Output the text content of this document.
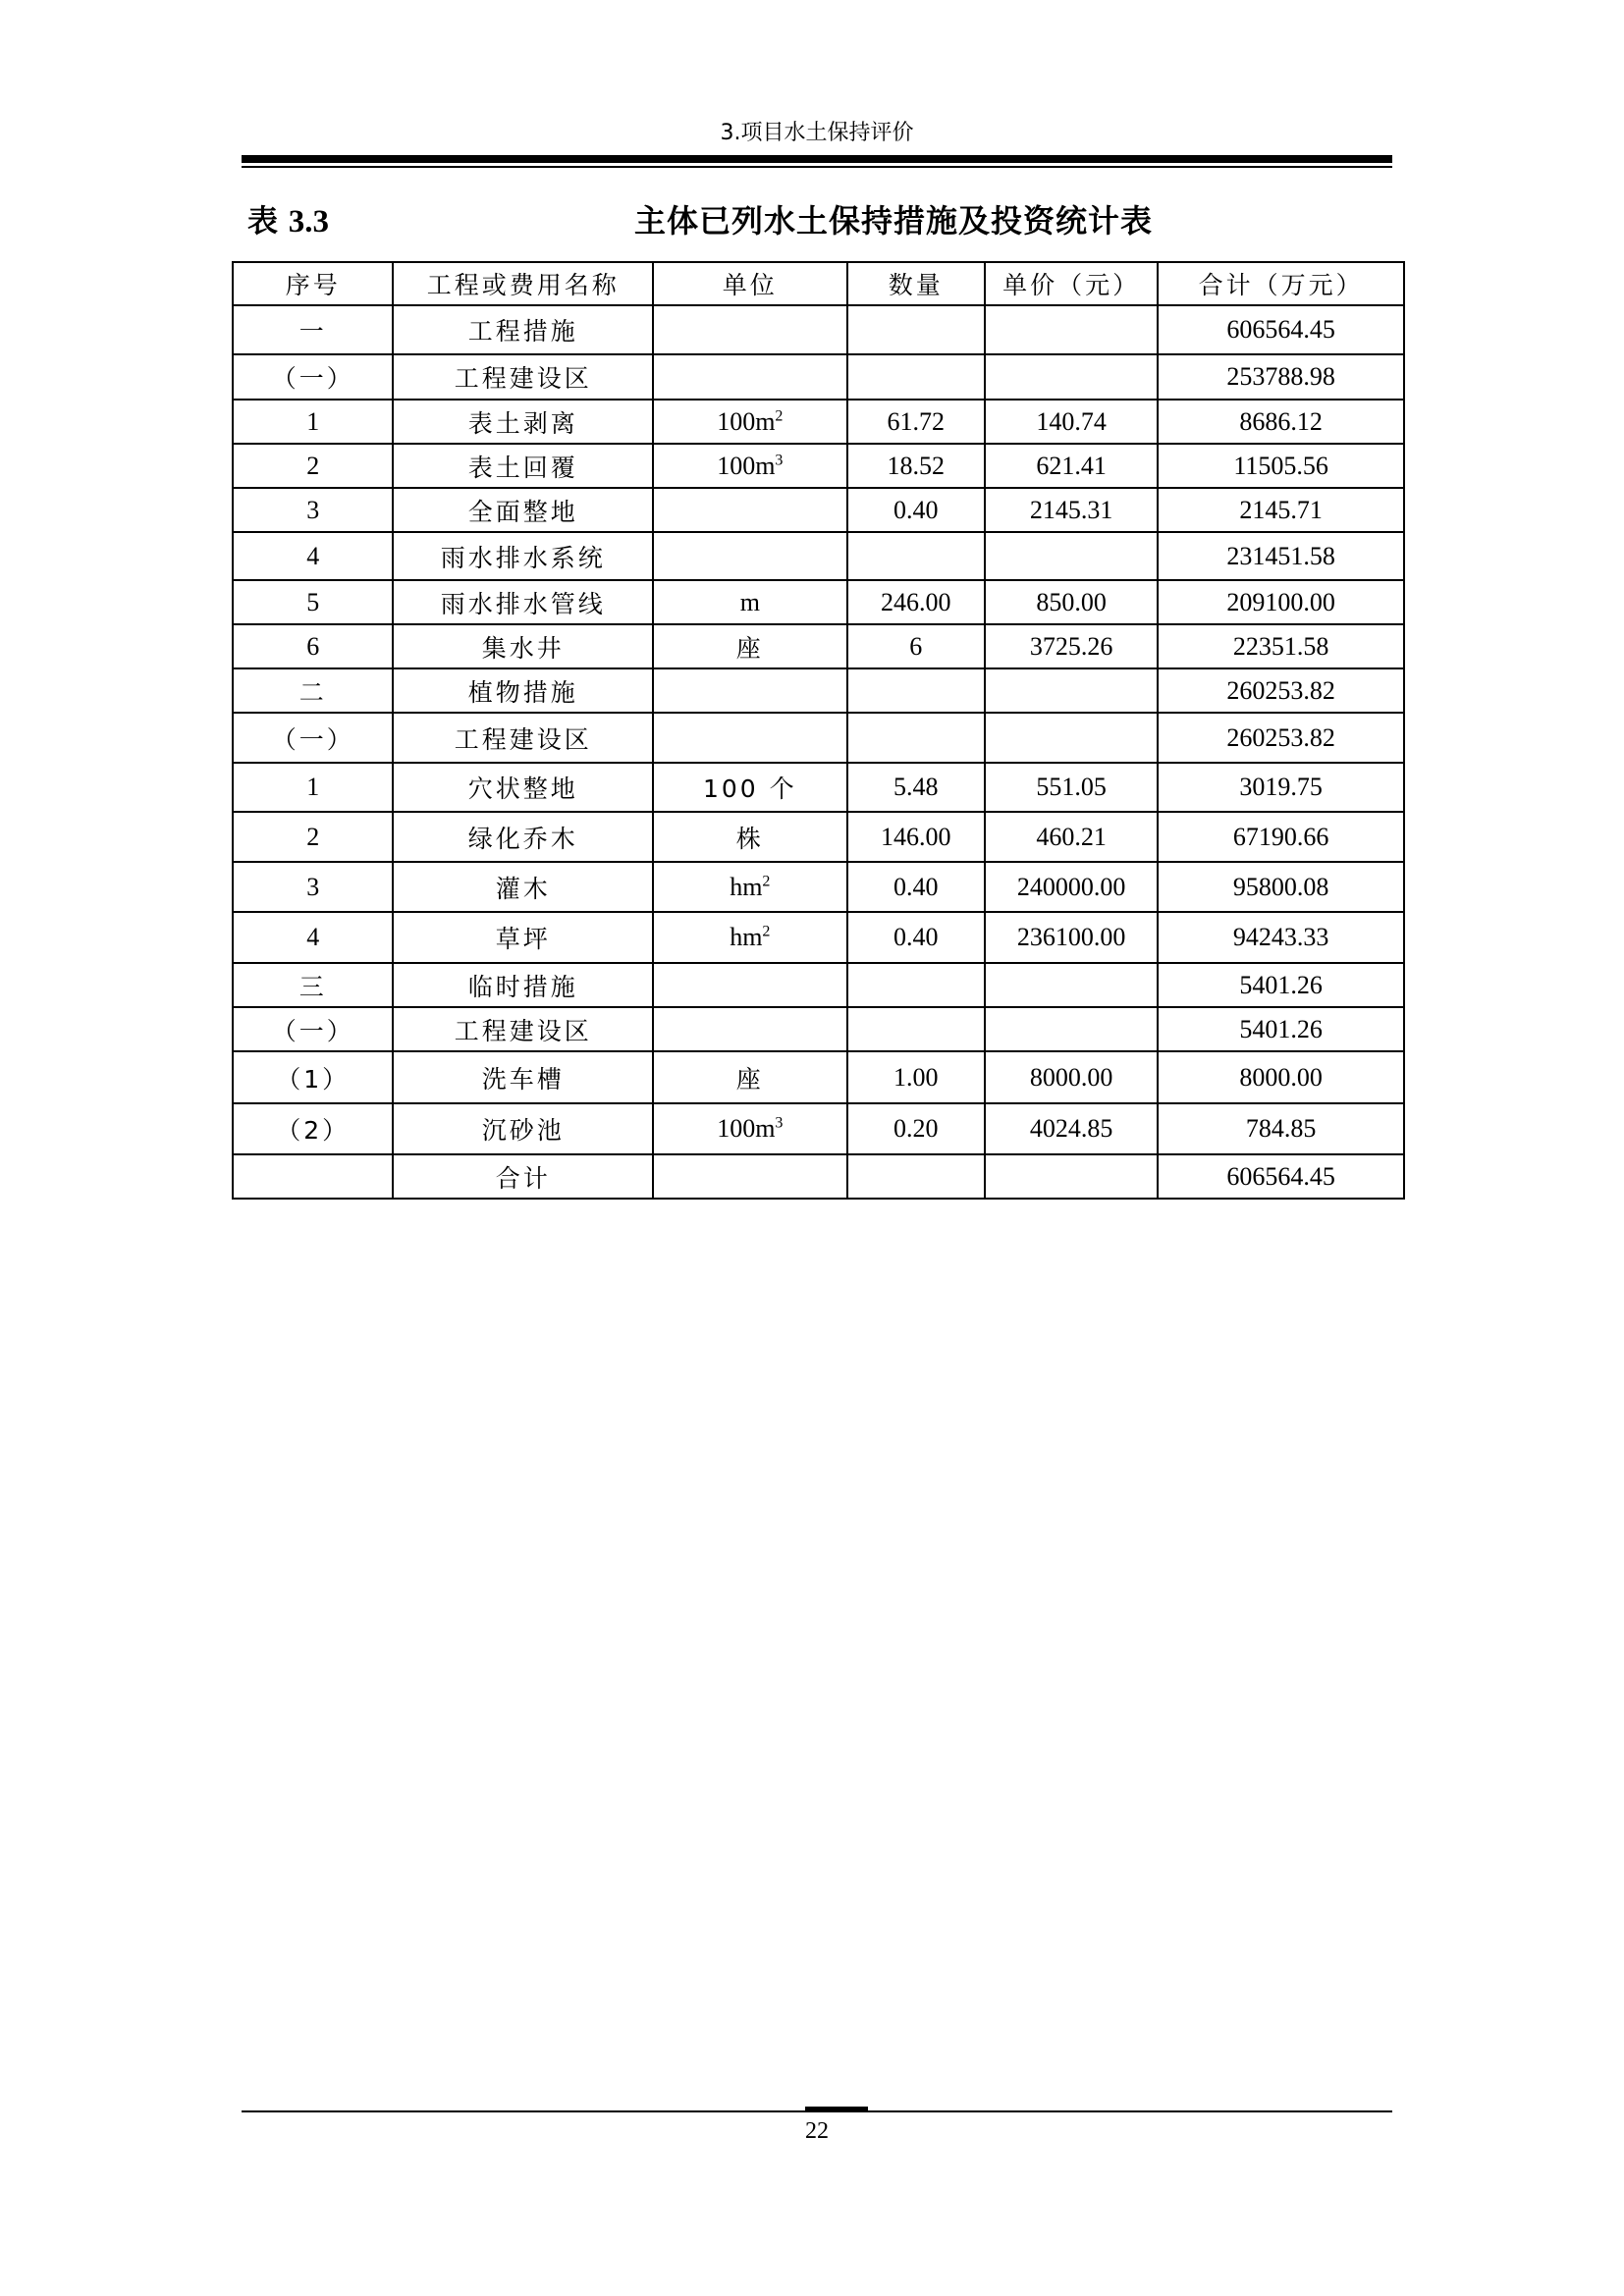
3.项目水土保持评价
表 3.3	主体已列水土保持措施及投资统计表
序号	工程或费用名称	单位	数量	单价（元）	合计（万元）
一	工程措施				606564.45
（一）	工程建设区				253788.98
1	表土剥离	$100m^2$	61.72	140.74	8686.12
2	表土回覆	$100m^3$	18.52	621.41	11505.56
3	全面整地		0.40	2145.31	2145.71
4	雨水排水系统				231451.58
5	雨水排水管线	m	246.00	850.00	209100.00
6	集水井	座	6	3725.26	22351.58
二	植物措施				260253.82
（一）	工程建设区				260253.82
1	穴状整地	100 个	5.48	551.05	3019.75
2	绿化乔木	株	146.00	460.21	67190.66
3	灌木	$hm^2$	0.40	240000.00	95800.08
4	草坪	$hm^2$	0.40	236100.00	94243.33
三	临时措施				5401.26
（一）	工程建设区				5401.26
（1）	洗车槽	座	1.00	8000.00	8000.00
（2）	沉砂池	$100m^3$	0.20	4024.85	784.85
	合计				606564.45
22
